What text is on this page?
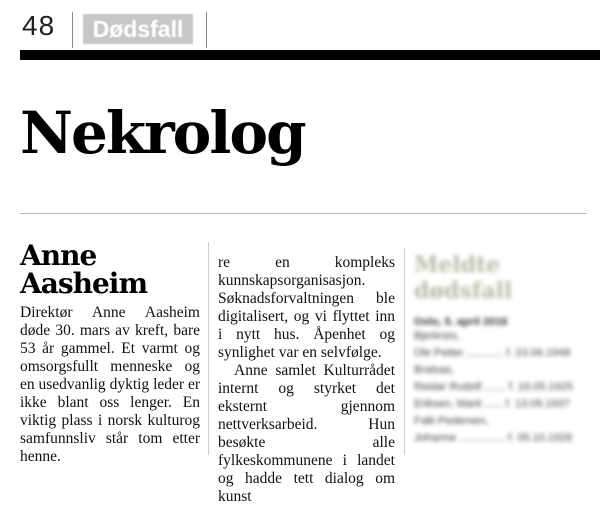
48	Dødsfall
Nekrolog
Anne
Aasheim

Direktør Anne Aasheim døde 30. mars av kreft, bare 53 år gammel. Et varmt og omsorgsfullt menneske og en usedvanlig dyktig leder er ikke blant oss lenger. En viktig plass i norsk kulturog samfunnsliv står tom etter henne.

re en kompleks kunnskapsorganisasjon. Søknadsforvaltningen ble digitalisert, og vi flyttet inn i nytt hus. Åpenhet og synlighet var en selvfølge.

Anne samlet Kulturrådet internt og styrket det eksternt gjennom nettverksarbeid. Hun besøkte alle fylkeskommunene i landet og hadde tett dialog om kunst

Meldte
dødsfall
Oslo, 5. april 2016
Bjerknes,
Ole Petter ............ f. 23.06.1948
Bratsas,
Reidar Rudolf ....... f. 16.05.1925
Eriksen, Marit ...... f. 13.09.1937
Falk-Pedersen,
Johanne ............... f. 05.10.1926
